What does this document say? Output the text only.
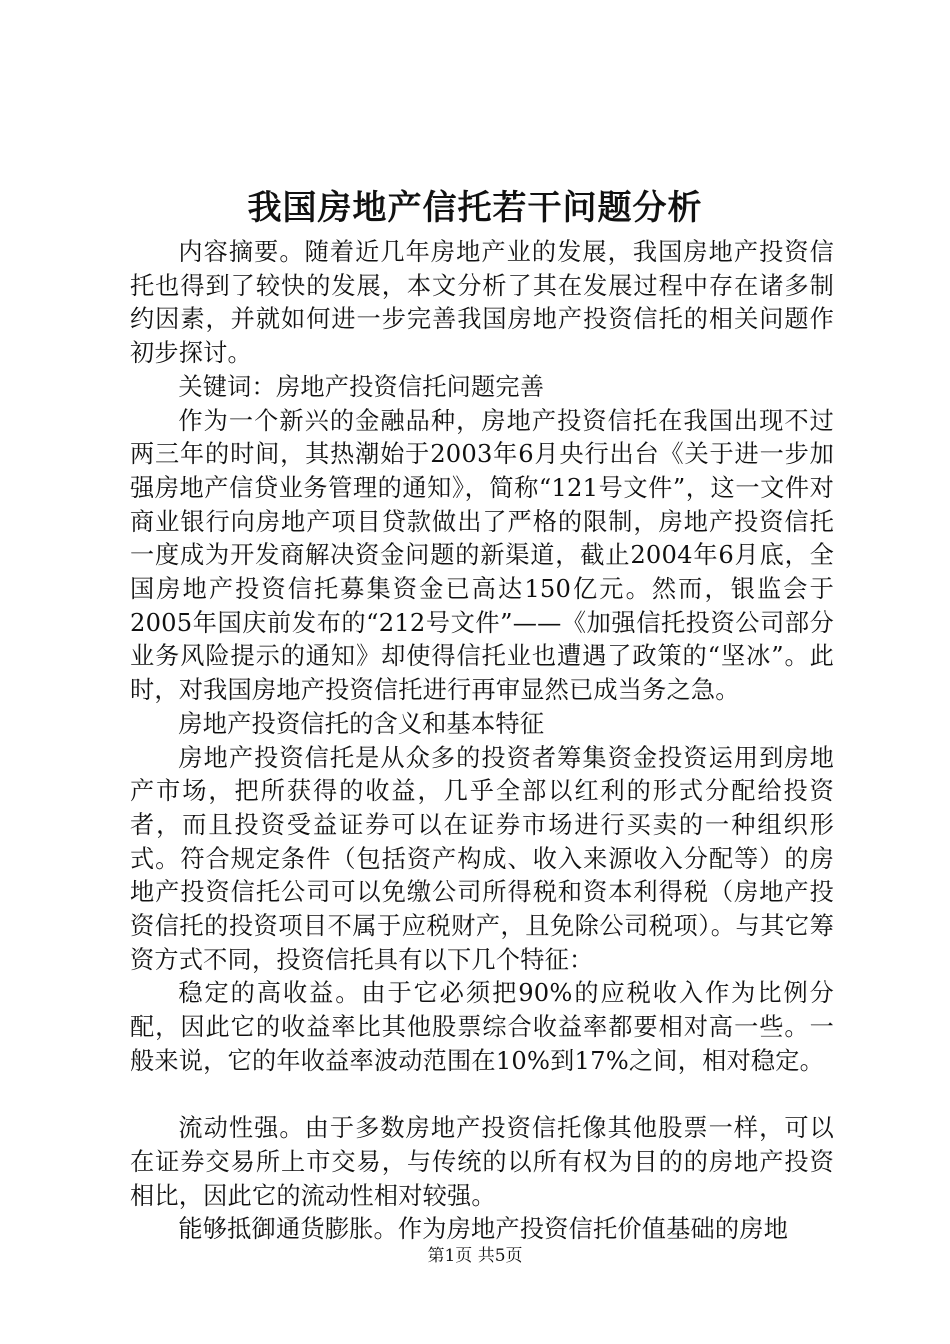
我国房地产信托若干问题分析

内容摘要。随着近几年房地产业的发展，我国房地产投资信托也得到了较快的发展，本文分析了其在发展过程中存在诸多制约因素，并就如何进一步完善我国房地产投资信托的相关问题作初步探讨。

关键词：房地产投资信托问题完善

作为一个新兴的金融品种，房地产投资信托在我国出现不过两三年的时间，其热潮始于2003年6月央行出台《关于进一步加强房地产信贷业务管理的通知》，简称“121号文件”，这一文件对商业银行向房地产项目贷款做出了严格的限制，房地产投资信托一度成为开发商解决资金问题的新渠道，截止2004年6月底，全国房地产投资信托募集资金已高达150亿元。然而，银监会于2005年国庆前发布的“212号文件”——《加强信托投资公司部分业务风险提示的通知》却使得信托业也遭遇了政策的“坚冰”。此时，对我国房地产投资信托进行再审显然已成当务之急。

房地产投资信托的含义和基本特征

房地产投资信托是从众多的投资者筹集资金投资运用到房地产市场，把所获得的收益，几乎全部以红利的形式分配给投资者，而且投资受益证券可以在证券市场进行买卖的一种组织形式。符合规定条件（包括资产构成、收入来源收入分配等）的房地产投资信托公司可以免缴公司所得税和资本利得税（房地产投资信托的投资项目不属于应税财产，且免除公司税项）。与其它筹资方式不同，投资信托具有以下几个特征：

稳定的高收益。由于它必须把90%的应税收入作为比例分配，因此它的收益率比其他股票综合收益率都要相对高一些。一般来说，它的年收益率波动范围在10%到17%之间，相对稳定。

流动性强。由于多数房地产投资信托像其他股票一样，可以在证券交易所上市交易，与传统的以所有权为目的的房地产投资相比，因此它的流动性相对较强。

能够抵御通货膨胀。作为房地产投资信托价值基础的房地

第1页 共5页
